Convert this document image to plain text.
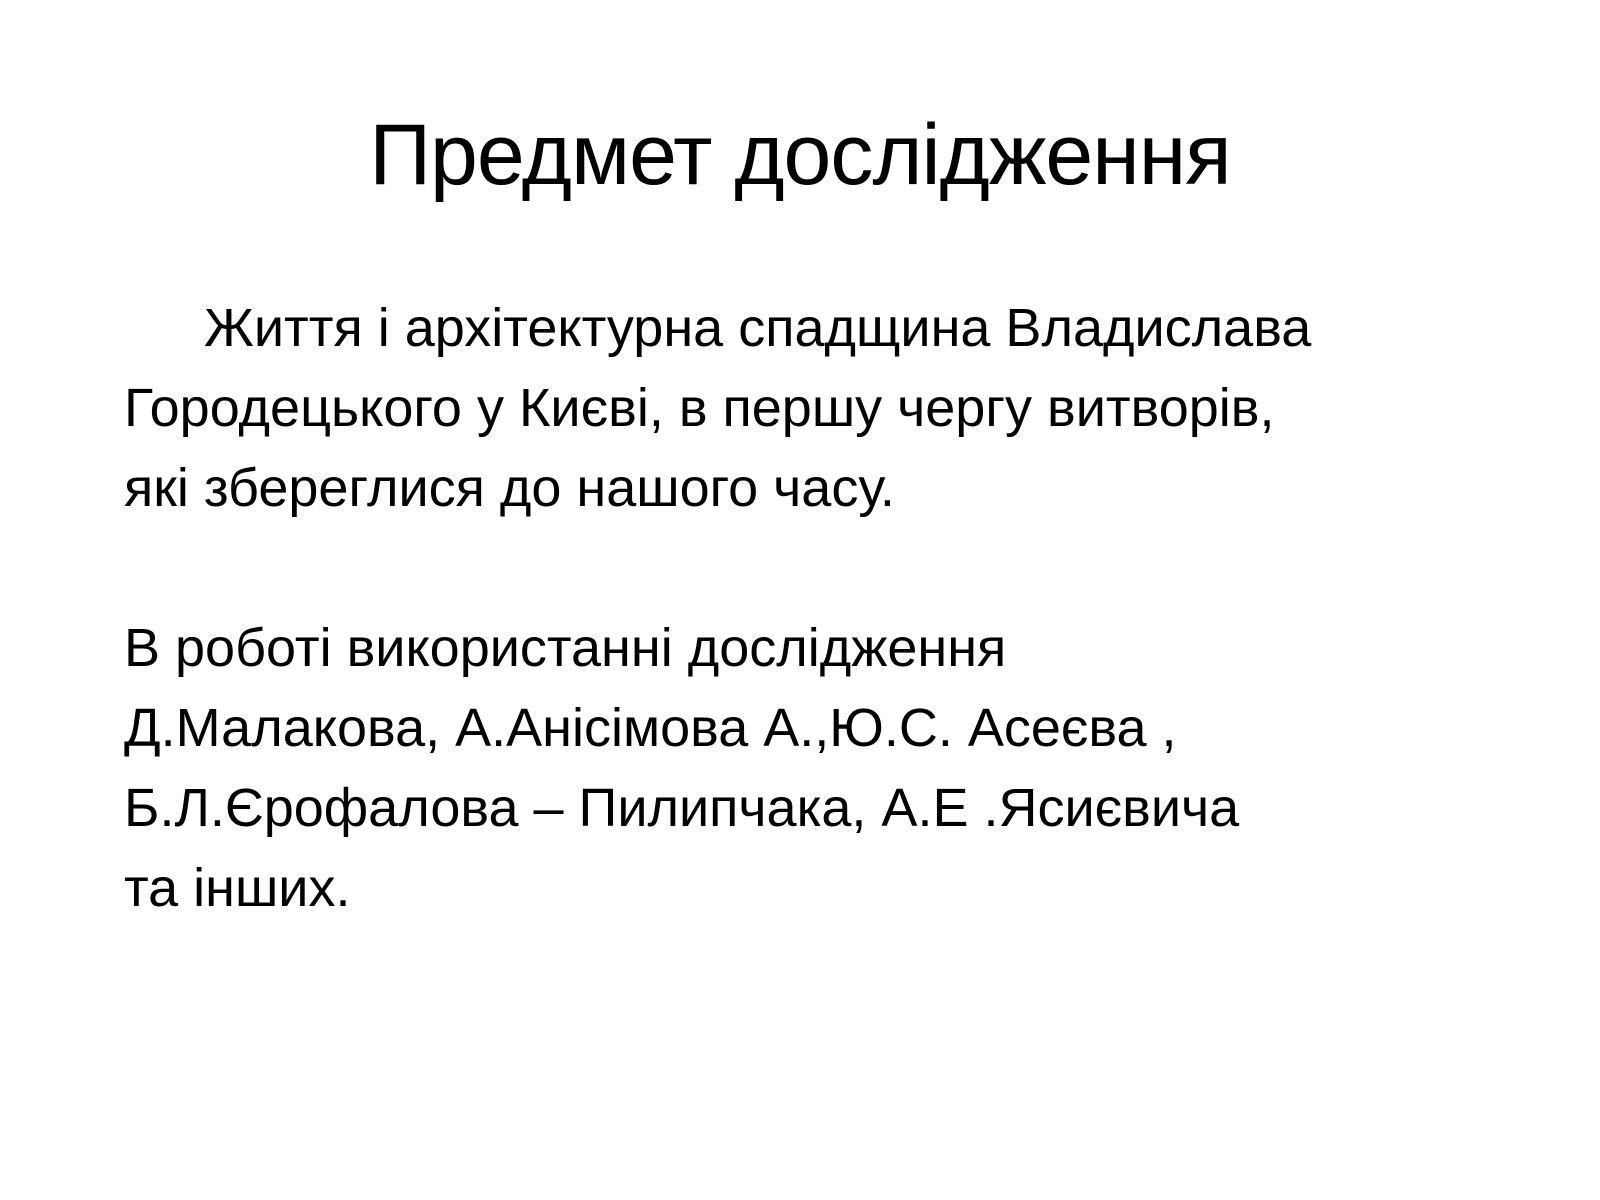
Предмет дослідження

Життя і архітектурна спадщина Владислава
Городецького у Києві, в першу чергу витворів,
які збереглися до нашого часу.

В роботі використанні дослідження
Д.Малакова, А.Анісімова А.,Ю.С. Асеєва ,
Б.Л.Єрофалова – Пилипчака, А.Е .Ясиєвича
та інших.
